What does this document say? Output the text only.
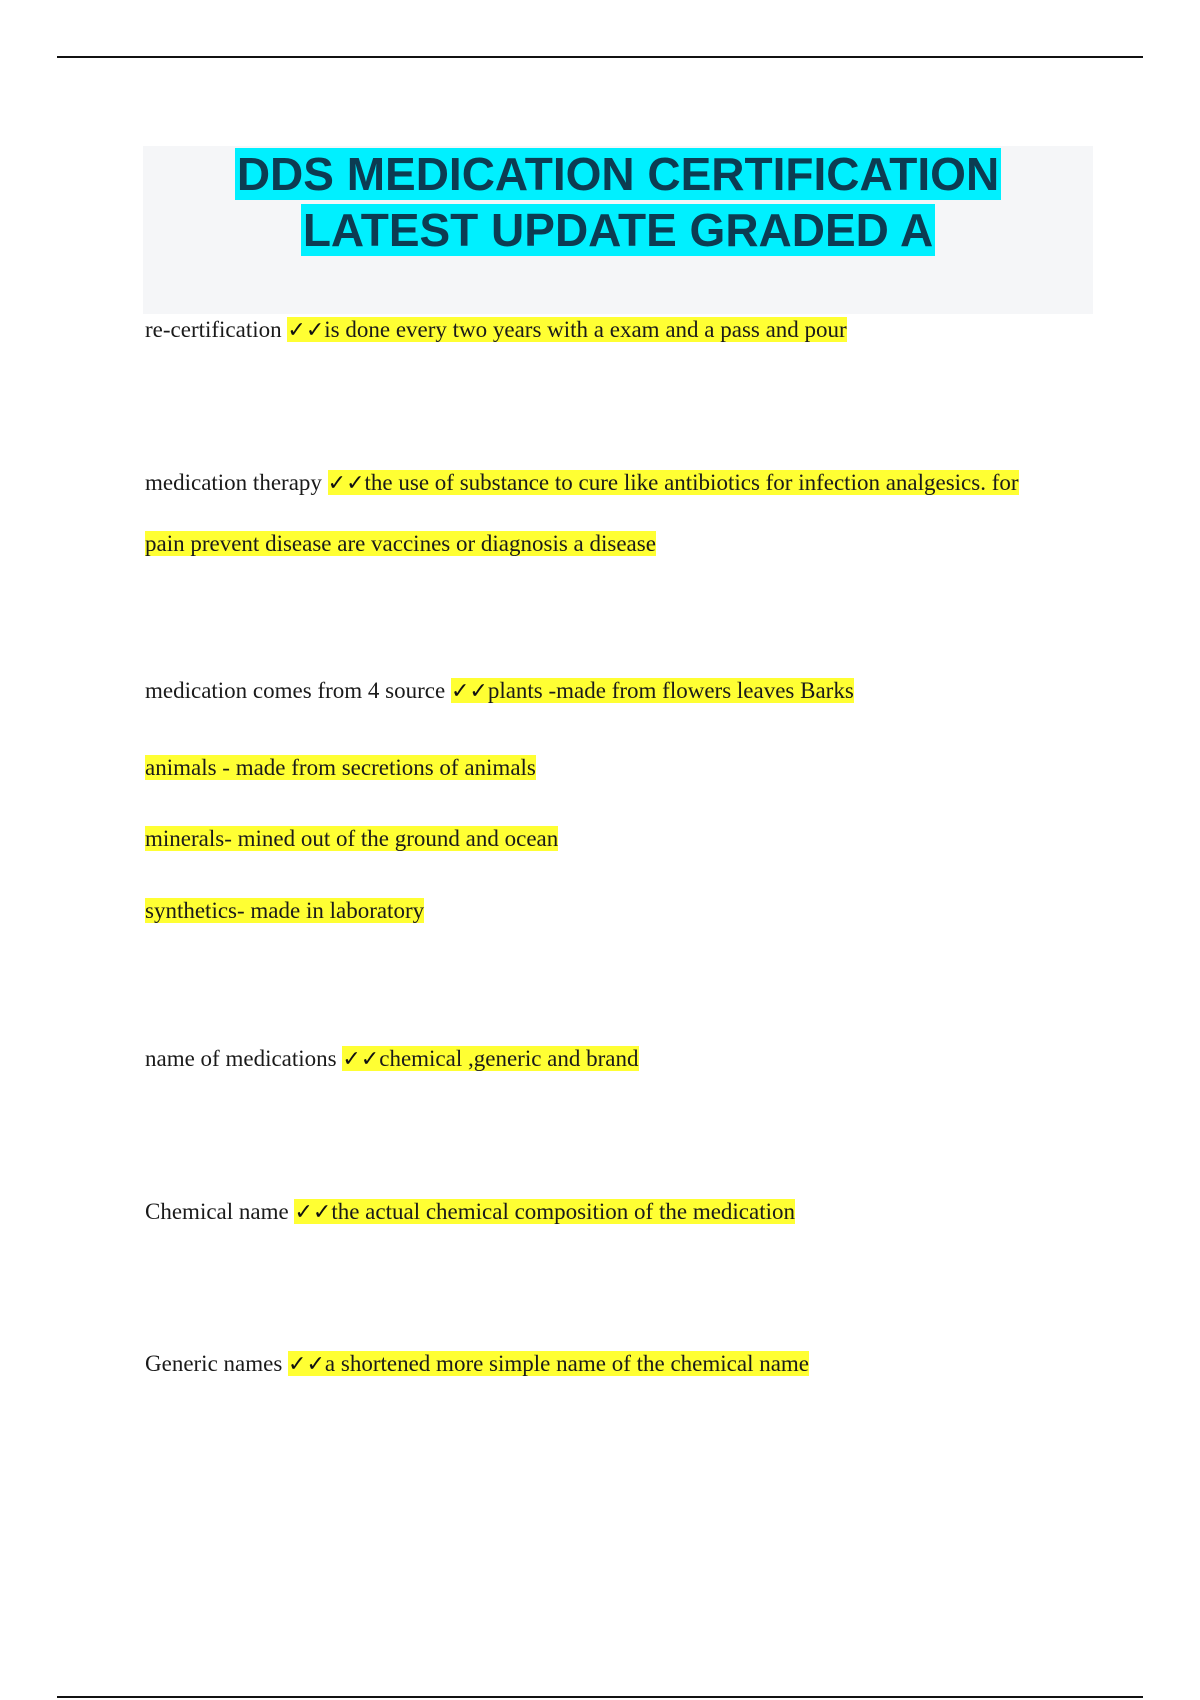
DDS MEDICATION CERTIFICATION
LATEST UPDATE GRADED A

re-certification ✓✓is done every two years with a exam and a pass and pour

medication therapy ✓✓the use of substance to cure like antibiotics for infection analgesics. for

pain prevent disease are vaccines or diagnosis a disease

medication comes from 4 source ✓✓plants -made from flowers leaves Barks

animals - made from secretions of animals

minerals- mined out of the ground and ocean

synthetics- made in laboratory

name of medications ✓✓chemical ,generic and brand

Chemical name ✓✓the actual chemical composition of the medication

Generic names ✓✓a shortened more simple name of the chemical name
